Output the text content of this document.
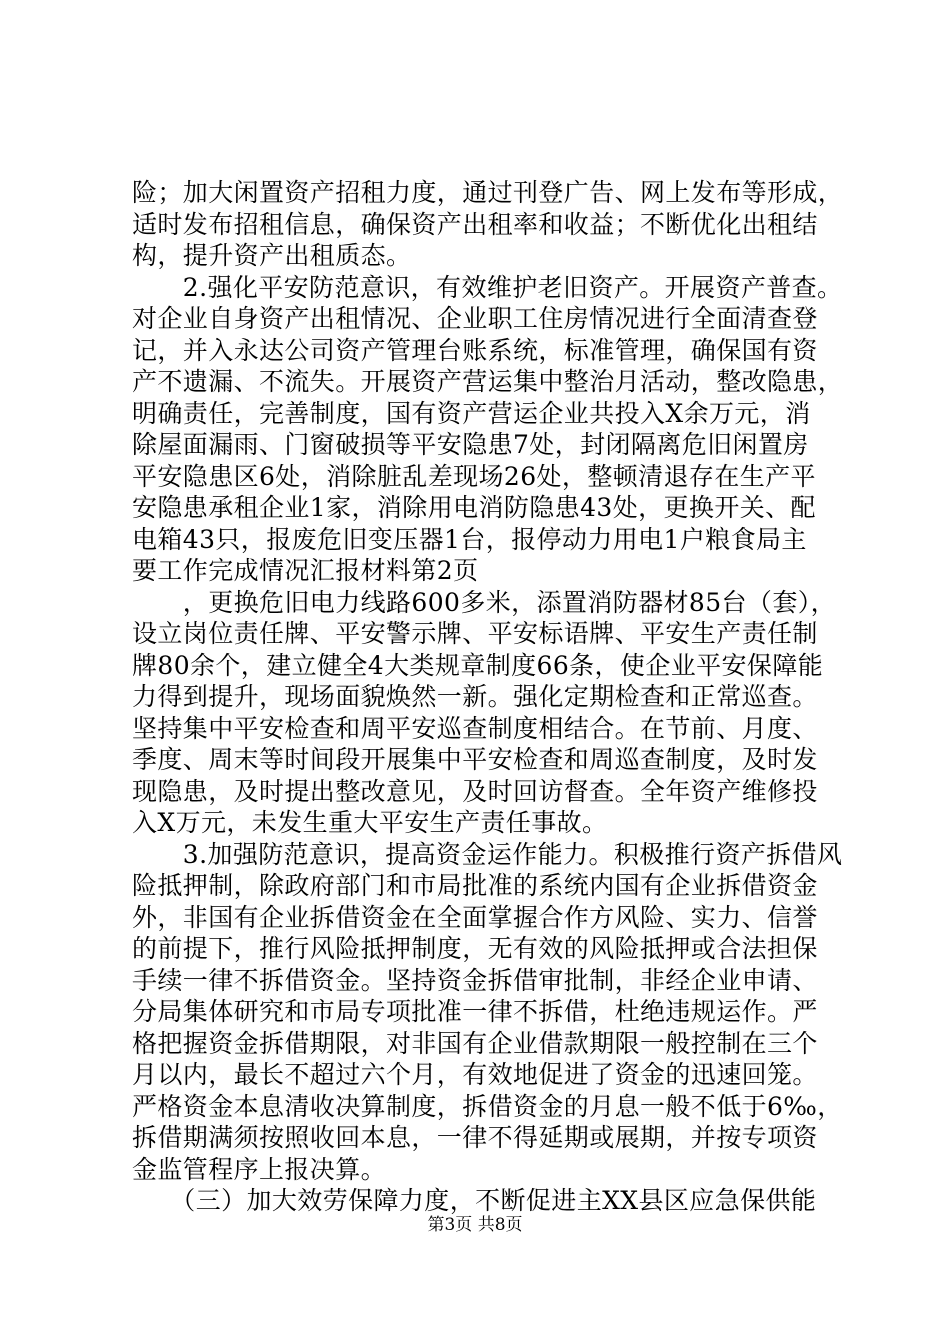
险；加大闲置资产招租力度，通过刊登广告、网上发布等形成，
适时发布招租信息，确保资产出租率和收益；不断优化出租结
构，提升资产出租质态。
　　2.强化平安防范意识，有效维护老旧资产。开展资产普查。
对企业自身资产出租情况、企业职工住房情况进行全面清查登
记，并入永达公司资产管理台账系统，标准管理，确保国有资
产不遗漏、不流失。开展资产营运集中整治月活动，整改隐患，
明确责任，完善制度，国有资产营运企业共投入X余万元，消
除屋面漏雨、门窗破损等平安隐患7处，封闭隔离危旧闲置房
平安隐患区6处，消除脏乱差现场26处，整顿清退存在生产平
安隐患承租企业1家，消除用电消防隐患43处，更换开关、配
电箱43只，报废危旧变压器1台，报停动力用电1户粮食局主
要工作完成情况汇报材料第2页
　　，更换危旧电力线路600多米，添置消防器材85台（套），
设立岗位责任牌、平安警示牌、平安标语牌、平安生产责任制
牌80余个，建立健全4大类规章制度66条，使企业平安保障能
力得到提升，现场面貌焕然一新。强化定期检查和正常巡查。
坚持集中平安检查和周平安巡查制度相结合。在节前、月度、
季度、周末等时间段开展集中平安检查和周巡查制度，及时发
现隐患，及时提出整改意见，及时回访督查。全年资产维修投
入X万元，未发生重大平安生产责任事故。
　　3.加强防范意识，提高资金运作能力。积极推行资产拆借风
险抵押制，除政府部门和市局批准的系统内国有企业拆借资金
外，非国有企业拆借资金在全面掌握合作方风险、实力、信誉
的前提下，推行风险抵押制度，无有效的风险抵押或合法担保
手续一律不拆借资金。坚持资金拆借审批制，非经企业申请、
分局集体研究和市局专项批准一律不拆借，杜绝违规运作。严
格把握资金拆借期限，对非国有企业借款期限一般控制在三个
月以内，最长不超过六个月，有效地促进了资金的迅速回笼。
严格资金本息清收决算制度，拆借资金的月息一般不低于6‰，
拆借期满须按照收回本息，一律不得延期或展期，并按专项资
金监管程序上报决算。
　　（三）加大效劳保障力度，不断促进主XX县区应急保供能
第3页 共8页
